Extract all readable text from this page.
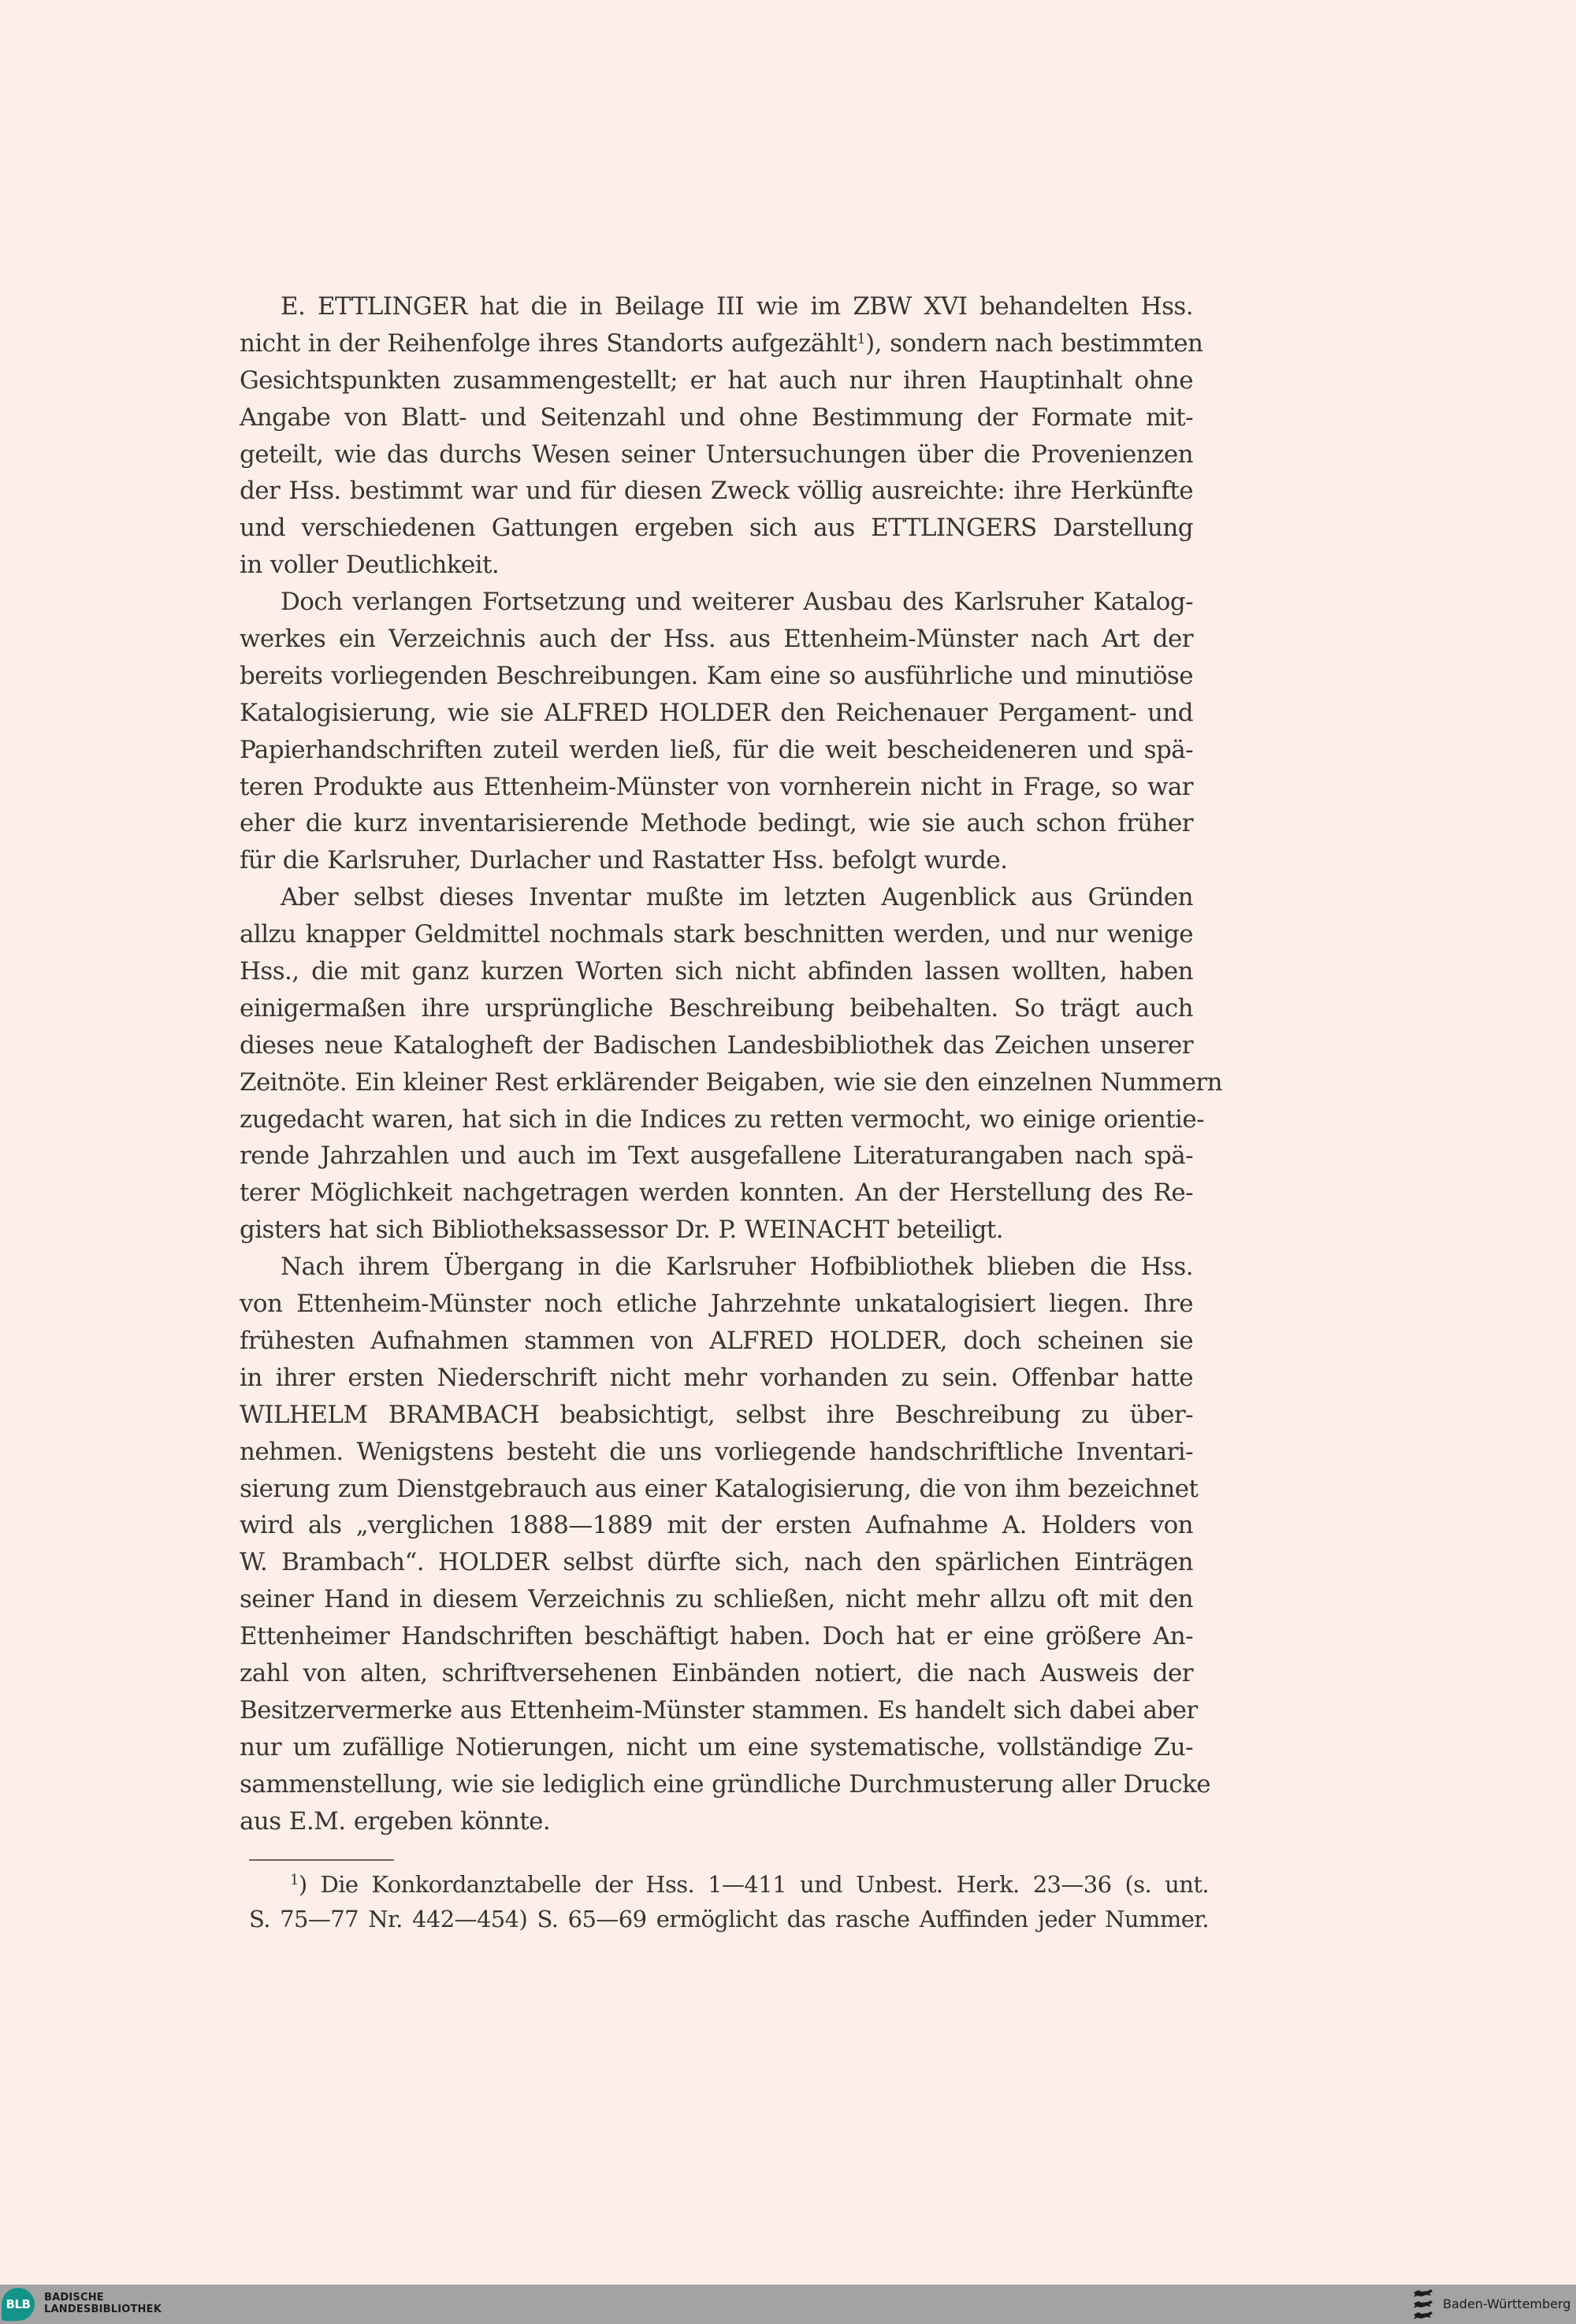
E. ETTLINGER hat die in Beilage III wie im ZBW XVI behandelten Hss.
nicht in der Reihenfolge ihres Standorts aufgezählt$^1$), sondern nach bestimmten
Gesichtspunkten zusammengestellt; er hat auch nur ihren Hauptinhalt ohne
Angabe von Blatt- und Seitenzahl und ohne Bestimmung der Formate mit-
geteilt, wie das durchs Wesen seiner Untersuchungen über die Provenienzen
der Hss. bestimmt war und für diesen Zweck völlig ausreichte: ihre Herkünfte
und verschiedenen Gattungen ergeben sich aus ETTLINGERS Darstellung
in voller Deutlichkeit.
Doch verlangen Fortsetzung und weiterer Ausbau des Karlsruher Katalog-
werkes ein Verzeichnis auch der Hss. aus Ettenheim-Münster nach Art der
bereits vorliegenden Beschreibungen. Kam eine so ausführliche und minutiöse
Katalogisierung, wie sie ALFRED HOLDER den Reichenauer Pergament- und
Papierhandschriften zuteil werden ließ, für die weit bescheideneren und spä-
teren Produkte aus Ettenheim-Münster von vornherein nicht in Frage, so war
eher die kurz inventarisierende Methode bedingt, wie sie auch schon früher
für die Karlsruher, Durlacher und Rastatter Hss. befolgt wurde.
Aber selbst dieses Inventar mußte im letzten Augenblick aus Gründen
allzu knapper Geldmittel nochmals stark beschnitten werden, und nur wenige
Hss., die mit ganz kurzen Worten sich nicht abfinden lassen wollten, haben
einigermaßen ihre ursprüngliche Beschreibung beibehalten. So trägt auch
dieses neue Kataloghef​t der Badischen Landesbibliothek das Zeichen unserer
Zeitnöte. Ein kleiner Rest erklärender Beigaben, wie sie den einzelnen Nummern
zugedacht waren, hat sich in die Indices zu retten vermocht, wo einige orientie-
rende Jahrzahlen und auch im Text ausgefallene Literaturangaben nach spä-
terer Möglichkeit nachgetragen werden konnten. An der Herstellung des Re-
gisters hat sich Bibliotheksassessor Dr. P. WEINACHT beteiligt.
Nach ihrem Übergang in die Karlsruher Hofbibliothek blieben die Hss.
von Ettenheim-Münster noch etliche Jahrzehnte unkatalogisiert liegen. Ihre
frühesten Aufnahmen stammen von ALFRED HOLDER, doch scheinen sie
in ihrer ersten Niederschrift nicht mehr vorhanden zu sein. Offenbar hatte
WILHELM BRAMBACH beabsichtigt, selbst ihre Beschreibung zu über-
nehmen. Wenigstens besteht die uns vorliegende handschriftliche Inventari-
sierung zum Dienstgebrauch aus einer Katalogisierung, die von ihm bezeichnet
wird als „verglichen 1888—1889 mit der ersten Aufnahme A. Holders von
W. Brambach“. HOLDER selbst dürfte sich, nach den spärlichen Einträgen
seiner Hand in diesem Verzeichnis zu schließen, nicht mehr allzu oft mit den
Ettenheimer Handschriften beschäftigt haben. Doch hat er eine größere An-
zahl von alten, schriftversehenen Einbänden notiert, die nach Ausweis der
Besitzervermerke aus Ettenheim-Münster stammen. Es handelt sich dabei aber
nur um zufällige Notierungen, nicht um eine systematische, vollständige Zu-
sammenstellung, wie sie lediglich eine gründliche Durchmusterung aller Drucke
aus E.M. ergeben könnte.
$^1$) Die Konkordanztabelle der Hss. 1—411 und Unbest. Herk. 23—36 (s. unt.
S. 75—77 Nr. 442—454) S. 65—69 ermöglicht das rasche Auffinden jeder Nummer.
BLB	BADISCHE
LANDESBIBLIOTHEK	Baden-Württemberg
